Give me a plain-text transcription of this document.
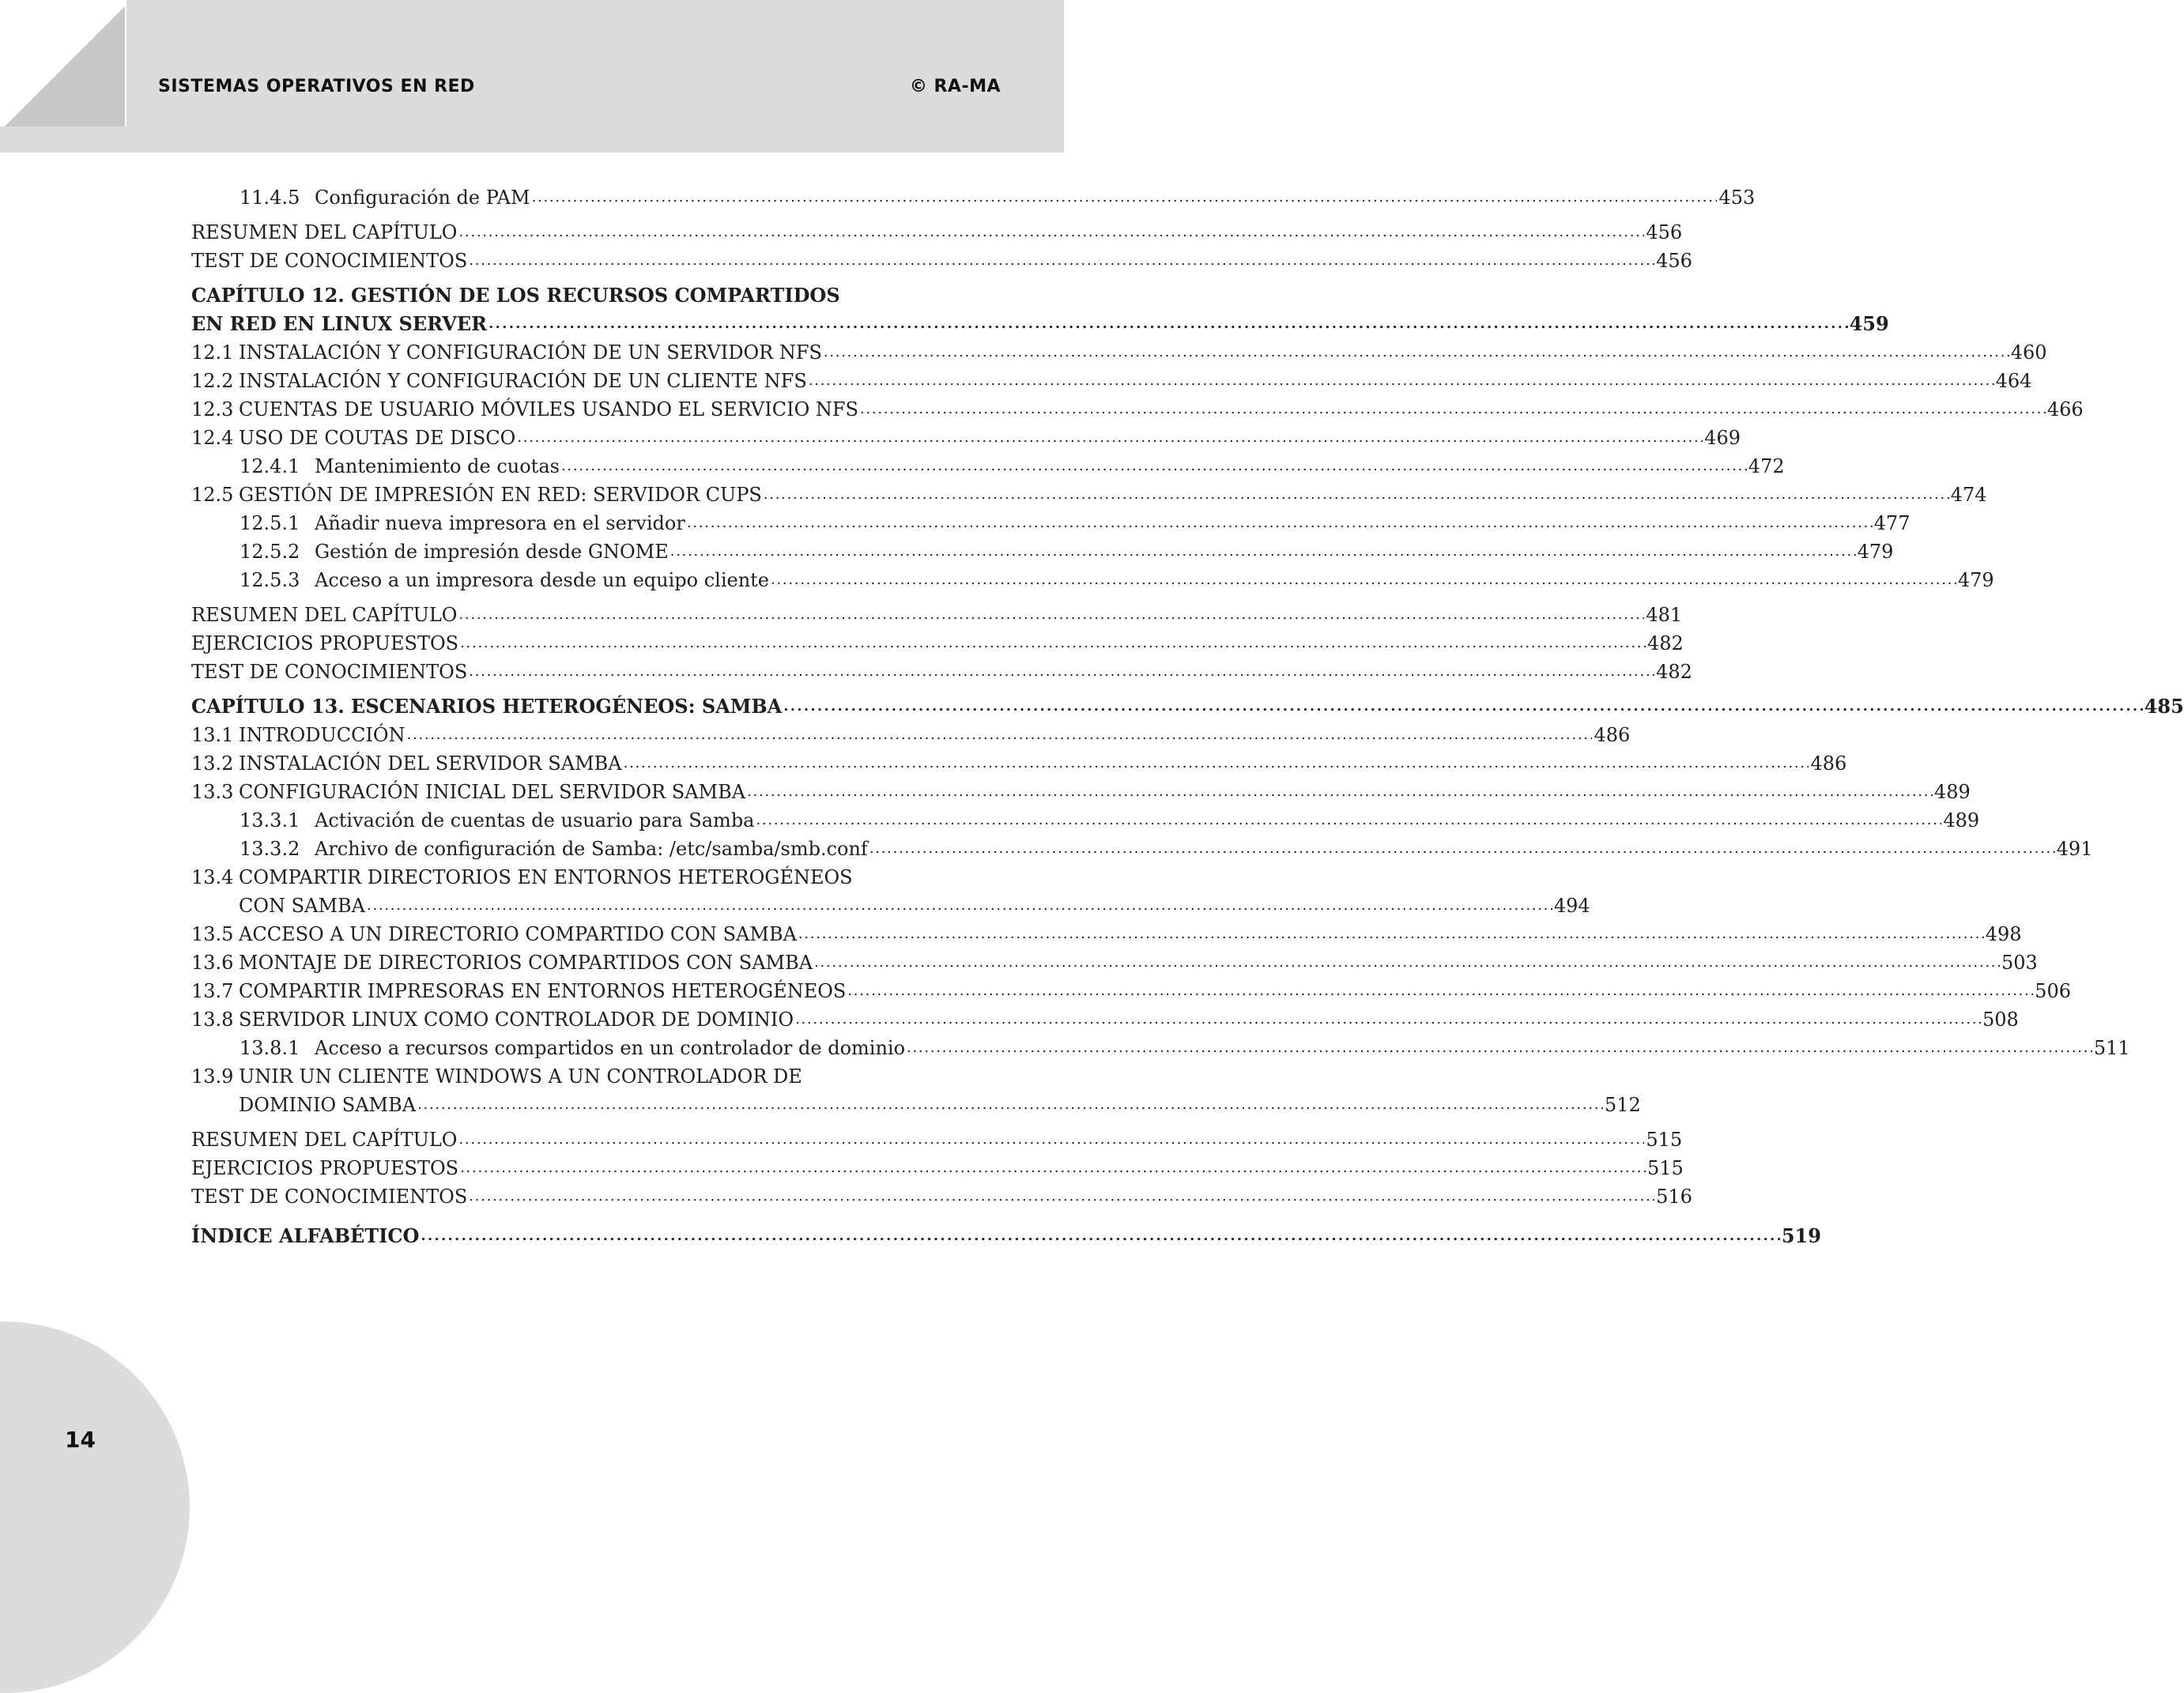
SISTEMAS OPERATIVOS EN RED	© RA-MA
11.4.5 Configuración de PAM . . .	453
RESUMEN DEL CAPÍTULO . . .	456
TEST DE CONOCIMIENTOS . . .	456
CAPÍTULO 12. GESTIÓN DE LOS RECURSOS COMPARTIDOS
EN RED EN LINUX SERVER . . .	459
12.1 INSTALACIÓN Y CONFIGURACIÓN DE UN SERVIDOR NFS . . .	460
12.2 INSTALACIÓN Y CONFIGURACIÓN DE UN CLIENTE NFS . . .	464
12.3 CUENTAS DE USUARIO MÓVILES USANDO EL SERVICIO NFS . . .	466
12.4 USO DE COUTAS DE DISCO . . .	469
12.4.1 Mantenimiento de cuotas . . .	472
12.5 GESTIÓN DE IMPRESIÓN EN RED: SERVIDOR CUPS . . .	474
12.5.1 Añadir nueva impresora en el servidor . . .	477
12.5.2 Gestión de impresión desde GNOME . . .	479
12.5.3 Acceso a un impresora desde un equipo cliente . . .	479
RESUMEN DEL CAPÍTULO . . .	481
EJERCICIOS PROPUESTOS . . .	482
TEST DE CONOCIMIENTOS . . .	482
CAPÍTULO 13. ESCENARIOS HETEROGÉNEOS: SAMBA . . .	485
13.1 INTRODUCCIÓN . . .	486
13.2 INSTALACIÓN DEL SERVIDOR SAMBA . . .	486
13.3 CONFIGURACIÓN INICIAL DEL SERVIDOR SAMBA . . .	489
13.3.1 Activación de cuentas de usuario para Samba . . .	489
13.3.2 Archivo de configuración de Samba: /etc/samba/smb.conf . . .	491
13.4 COMPARTIR DIRECTORIOS EN ENTORNOS HETEROGÉNEOS
CON SAMBA . . .	494
13.5 ACCESO A UN DIRECTORIO COMPARTIDO CON SAMBA . . .	498
13.6 MONTAJE DE DIRECTORIOS COMPARTIDOS CON SAMBA . . .	503
13.7 COMPARTIR IMPRESORAS EN ENTORNOS HETEROGÉNEOS . . .	506
13.8 SERVIDOR LINUX COMO CONTROLADOR DE DOMINIO . . .	508
13.8.1 Acceso a recursos compartidos en un controlador de dominio . . .	511
13.9 UNIR UN CLIENTE WINDOWS A UN CONTROLADOR DE
DOMINIO SAMBA . . .	512
RESUMEN DEL CAPÍTULO . . .	515
EJERCICIOS PROPUESTOS . . .	515
TEST DE CONOCIMIENTOS . . .	516
ÍNDICE ALFABÉTICO . . .	519
14
